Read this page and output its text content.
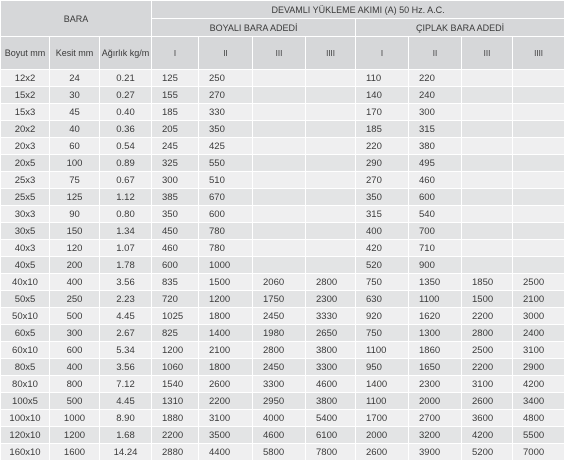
BARA			DEVAMLI YÜKLEME AKIMI (A) 50 Hz. A.C.							
			BOYALI BARA ADEDİ				ÇIPLAK BARA ADEDİ			
Boyut mm	Kesit mm	Ağırlık kg/m	I	II	III	IIII	I	II	III	IIII
12x2	24	0.21	125	250			110	220		
15x2	30	0.27	155	270			140	240		
15x3	45	0.40	185	330			170	300		
20x2	40	0.36	205	350			185	315		
20x3	60	0.54	245	425			220	380		
20x5	100	0.89	325	550			290	495		
25x3	75	0.67	300	510			270	460		
25x5	125	1.12	385	670			350	600		
30x3	90	0.80	350	600			315	540		
30x5	150	1.34	450	780			400	700		
40x3	120	1.07	460	780			420	710		
40x5	200	1.78	600	1000			520	900		
40x10	400	3.56	835	1500	2060	2800	750	1350	1850	2500
50x5	250	2.23	720	1200	1750	2300	630	1100	1500	2100
50x10	500	4.45	1025	1800	2450	3330	920	1620	2200	3000
60x5	300	2.67	825	1400	1980	2650	750	1300	2800	2400
60x10	600	5.34	1200	2100	2800	3800	1100	1860	2500	3100
80x5	400	3.56	1060	1800	2450	3300	950	1650	2200	2900
80x10	800	7.12	1540	2600	3300	4600	1400	2300	3100	4200
100x5	500	4.45	1310	2200	2950	3800	1100	2000	2600	3400
100x10	1000	8.90	1880	3100	4000	5400	1700	2700	3600	4800
120x10	1200	1.68	2200	3500	4600	6100	2000	3200	4200	5500
160x10	1600	14.24	2880	4400	5800	7800	2600	3900	5200	7000
